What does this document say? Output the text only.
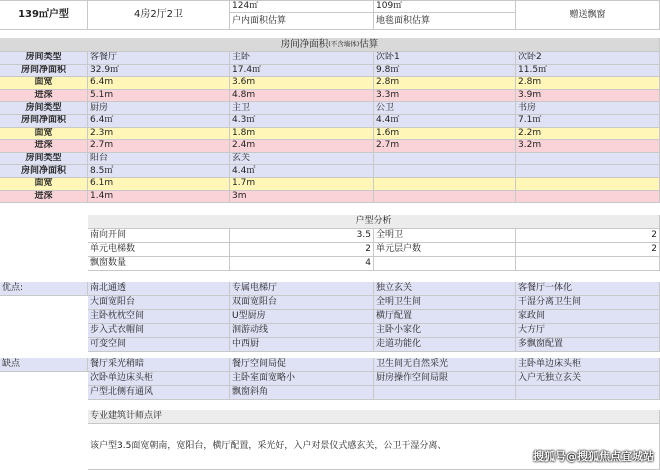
139㎡户型	4房2厅2卫
124㎡
户内面积估算
109㎡
地毯面积估算
赠送飘窗
房间净面积 (不含墙体) 估算
房间类型	客餐厅	主卧	次卧1	次卧2
房间净面积	32.9㎡	17.4㎡	9.8㎡	11.5㎡
面宽	6.4m	3.6m	2.8m	2.8m
进深	5.1m	4.8m	3.3m	3.9m
房间类型	厨房	主卫	公卫	书房
房间净面积	6.4㎡	4.3㎡	4.4㎡	7.1㎡
面宽	2.3m	1.8m	1.6m	2.2m
进深	2.7m	2.4m	2.7m	3.2m
房间类型	阳台	玄关
房间净面积	8.5㎡	4.4㎡
面宽	6.1m	1.7m
进深	1.4m	3m
户型分析
南向开间	3.5 全明卫	2
单元电梯数	2 单元层户数	2
飘窗数量	4
优点:	南北通透	专属电梯厅	独立玄关	客餐厅一体化
大面宽阳台	双面宽阳台	全明卫生间	干湿分离卫生间
主卧枕枕空间	U型厨房	横厅配置	家政间
步入式衣帽间	洄游动线	主卧小家化	大方厅
可变空间	中西厨	走道功能化	多飘窗配置
缺点	餐厅采光稍暗	餐厅空间局促	卫生间无自然采光	主卧单边床头柜
次卧单边床头柜	主卧室面宽略小	厨房操作空间局限	入户无独立玄关
户型北侧有通风	飘窗斜角
专业建筑计师点评
该户型3.5面宽朝南，宽阳台，横厅配置，采光好，入户对景仪式感玄关，公卫干湿分离、
搜狐号@搜狐焦点宜城站
